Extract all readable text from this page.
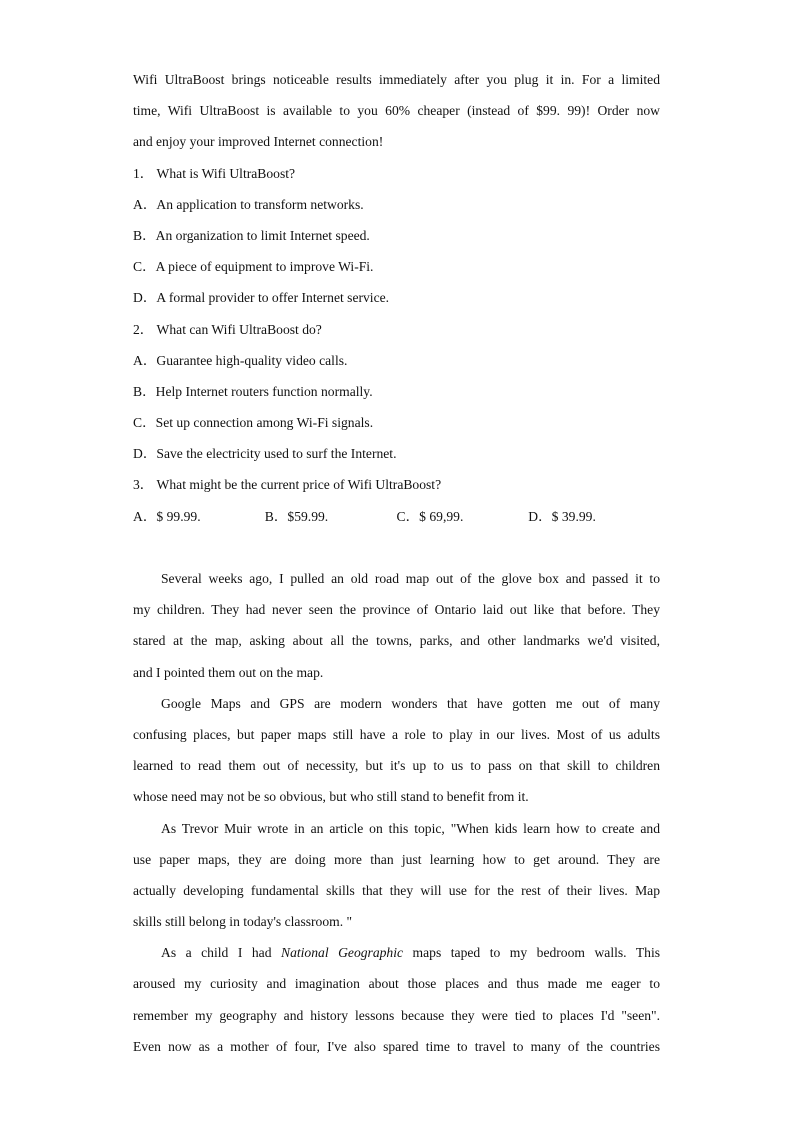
Wifi UltraBoost brings noticeable results immediately after you plug it in. For a limited
time, Wifi UltraBoost is available to you 60% cheaper (instead of $99. 99)! Order now
and enjoy your improved Internet connection!
1． What is Wifi UltraBoost?
A．An application to transform networks.
B．An organization to limit Internet speed.
C．A piece of equipment to improve Wi-Fi.
D．A formal provider to offer Internet service.
2． What can Wifi UltraBoost do?
A．Guarantee high-quality video calls.
B．Help Internet routers function normally.
C．Set up connection among Wi-Fi signals.
D．Save the electricity used to surf the Internet.
3． What might be the current price of Wifi UltraBoost?
A．$ 99.99.	B．$59.99.	C．$ 69,99.	D．$ 39.99.
Several weeks ago, I pulled an old road map out of the glove box and passed it to
my children. They had never seen the province of Ontario laid out like that before. They
stared at the map, asking about all the towns, parks, and other landmarks we'd visited,
and I pointed them out on the map.
Google Maps and GPS are modern wonders that have gotten me out of many
confusing places, but paper maps still have a role to play in our lives. Most of us adults
learned to read them out of necessity, but it's up to us to pass on that skill to children
whose need may not be so obvious, but who still stand to benefit from it.
As Trevor Muir wrote in an article on this topic, "When kids learn how to create and
use paper maps, they are doing more than just learning how to get around. They are
actually developing fundamental skills that they will use for the rest of their lives. Map
skills still belong in today's classroom. "
As a child I had National Geographic maps taped to my bedroom walls. This
aroused my curiosity and imagination about those places and thus made me eager to
remember my geography and history lessons because they were tied to places I'd "seen".
Even now as a mother of four, I've also spared time to travel to many of the countries
